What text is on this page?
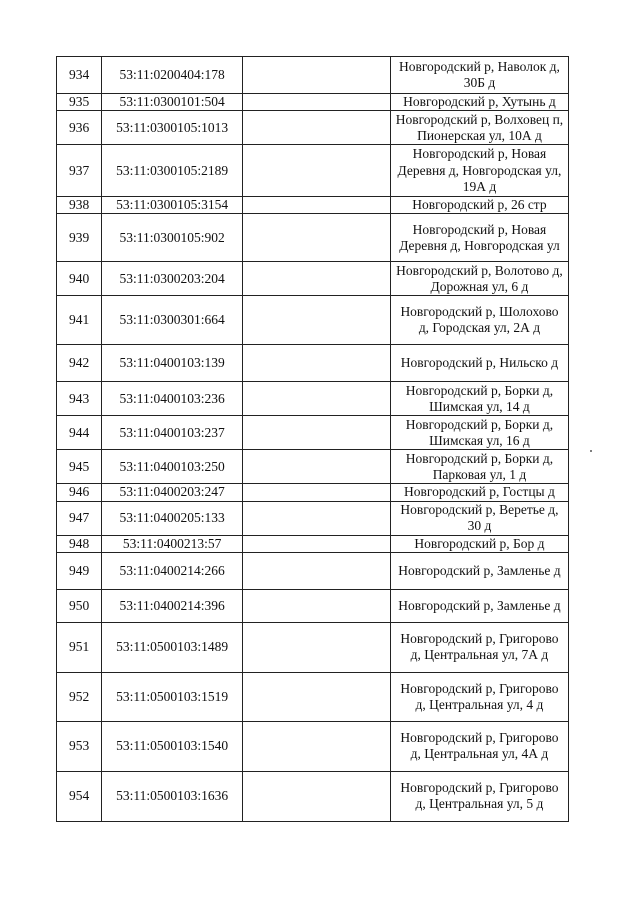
934	53:11:0200404:178		Новгородский р, Наволок д, 30Б д
935	53:11:0300101:504		Новгородский р, Хутынь д
936	53:11:0300105:1013		Новгородский р, Волховец п, Пионерская ул, 10А д
937	53:11:0300105:2189		Новгородский р, Новая Деревня д, Новгородская ул, 19А д
938	53:11:0300105:3154		Новгородский р, 26 стр
939	53:11:0300105:902		Новгородский р, Новая Деревня д, Новгородская ул
940	53:11:0300203:204		Новгородский р, Волотово д, Дорожная ул, 6 д
941	53:11:0300301:664		Новгородский р, Шолохово д, Городская ул, 2А д
942	53:11:0400103:139		Новгородский р, Нильско д
943	53:11:0400103:236		Новгородский р, Борки д, Шимская ул, 14 д
944	53:11:0400103:237		Новгородский р, Борки д, Шимская ул, 16 д
945	53:11:0400103:250		Новгородский р, Борки д, Парковая ул, 1 д
946	53:11:0400203:247		Новгородский р, Гостцы д
947	53:11:0400205:133		Новгородский р, Веретье д, 30 д
948	53:11:0400213:57		Новгородский р, Бор д
949	53:11:0400214:266		Новгородский р, Замленье д
950	53:11:0400214:396		Новгородский р, Замленье д
951	53:11:0500103:1489		Новгородский р, Григорово д, Центральная ул, 7А д
952	53:11:0500103:1519		Новгородский р, Григорово д, Центральная ул, 4 д
953	53:11:0500103:1540		Новгородский р, Григорово д, Центральная ул, 4А д
954	53:11:0500103:1636		Новгородский р, Григорово д, Центральная ул, 5 д
